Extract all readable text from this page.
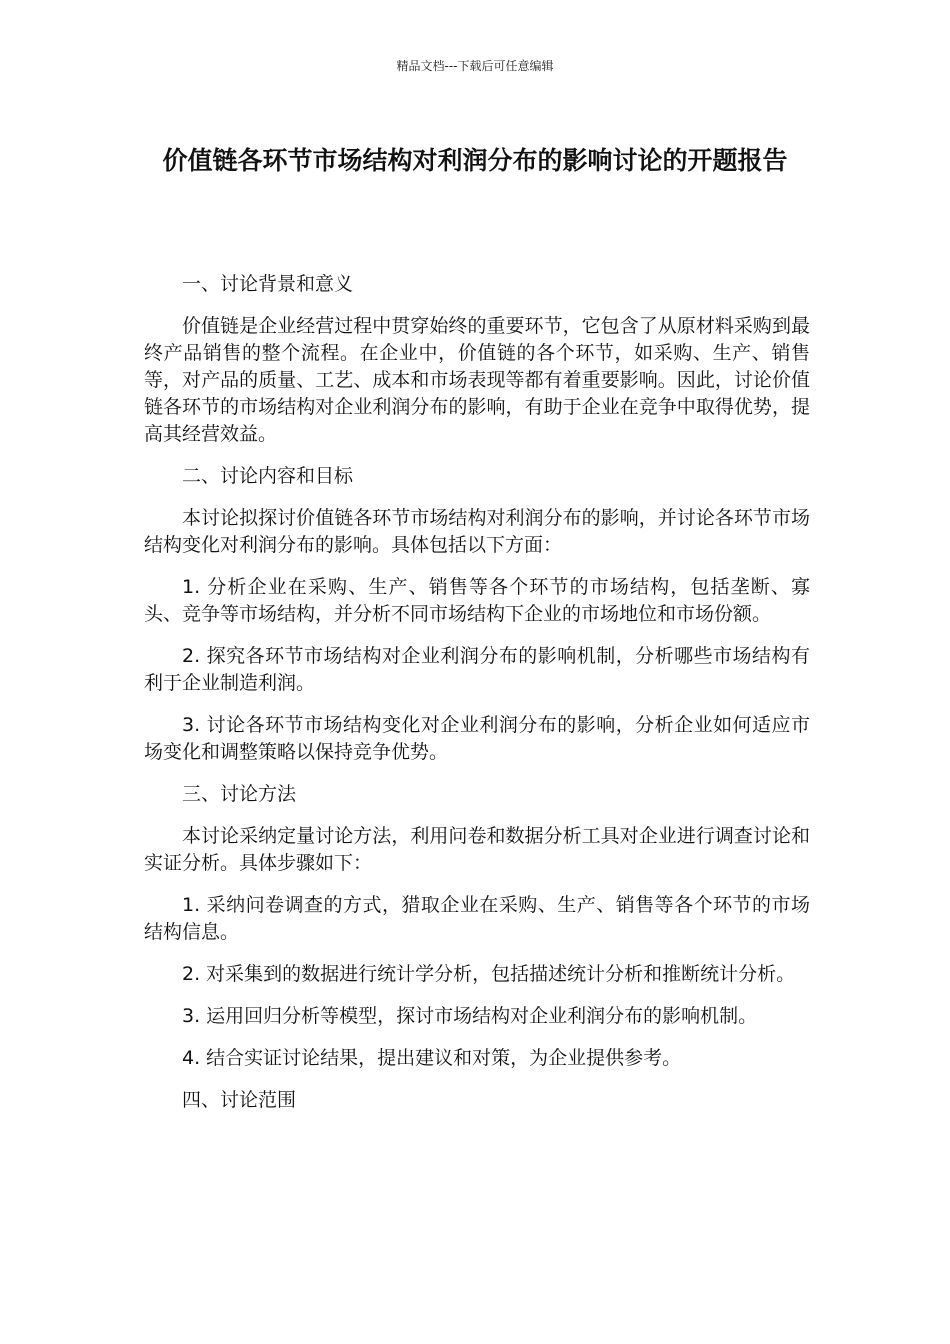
精品文档---下载后可任意编辑
价值链各环节市场结构对利润分布的影响讨论的开题报告

一、讨论背景和意义

价值链是企业经营过程中贯穿始终的重要环节，它包含了从原材料采购到最终产品销售的整个流程。在企业中，价值链的各个环节，如采购、生产、销售等，对产品的质量、工艺、成本和市场表现等都有着重要影响。因此，讨论价值链各环节的市场结构对企业利润分布的影响，有助于企业在竞争中取得优势，提高其经营效益。

二、讨论内容和目标

本讨论拟探讨价值链各环节市场结构对利润分布的影响，并讨论各环节市场结构变化对利润分布的影响。具体包括以下方面：

1. 分析企业在采购、生产、销售等各个环节的市场结构，包括垄断、寡头、竞争等市场结构，并分析不同市场结构下企业的市场地位和市场份额。

2. 探究各环节市场结构对企业利润分布的影响机制，分析哪些市场结构有利于企业制造利润。

3. 讨论各环节市场结构变化对企业利润分布的影响，分析企业如何适应市场变化和调整策略以保持竞争优势。

三、讨论方法

本讨论采纳定量讨论方法，利用问卷和数据分析工具对企业进行调查讨论和实证分析。具体步骤如下：

1. 采纳问卷调查的方式，猎取企业在采购、生产、销售等各个环节的市场结构信息。

2. 对采集到的数据进行统计学分析，包括描述统计分析和推断统计分析。

3. 运用回归分析等模型，探讨市场结构对企业利润分布的影响机制。

4. 结合实证讨论结果，提出建议和对策，为企业提供参考。

四、讨论范围
